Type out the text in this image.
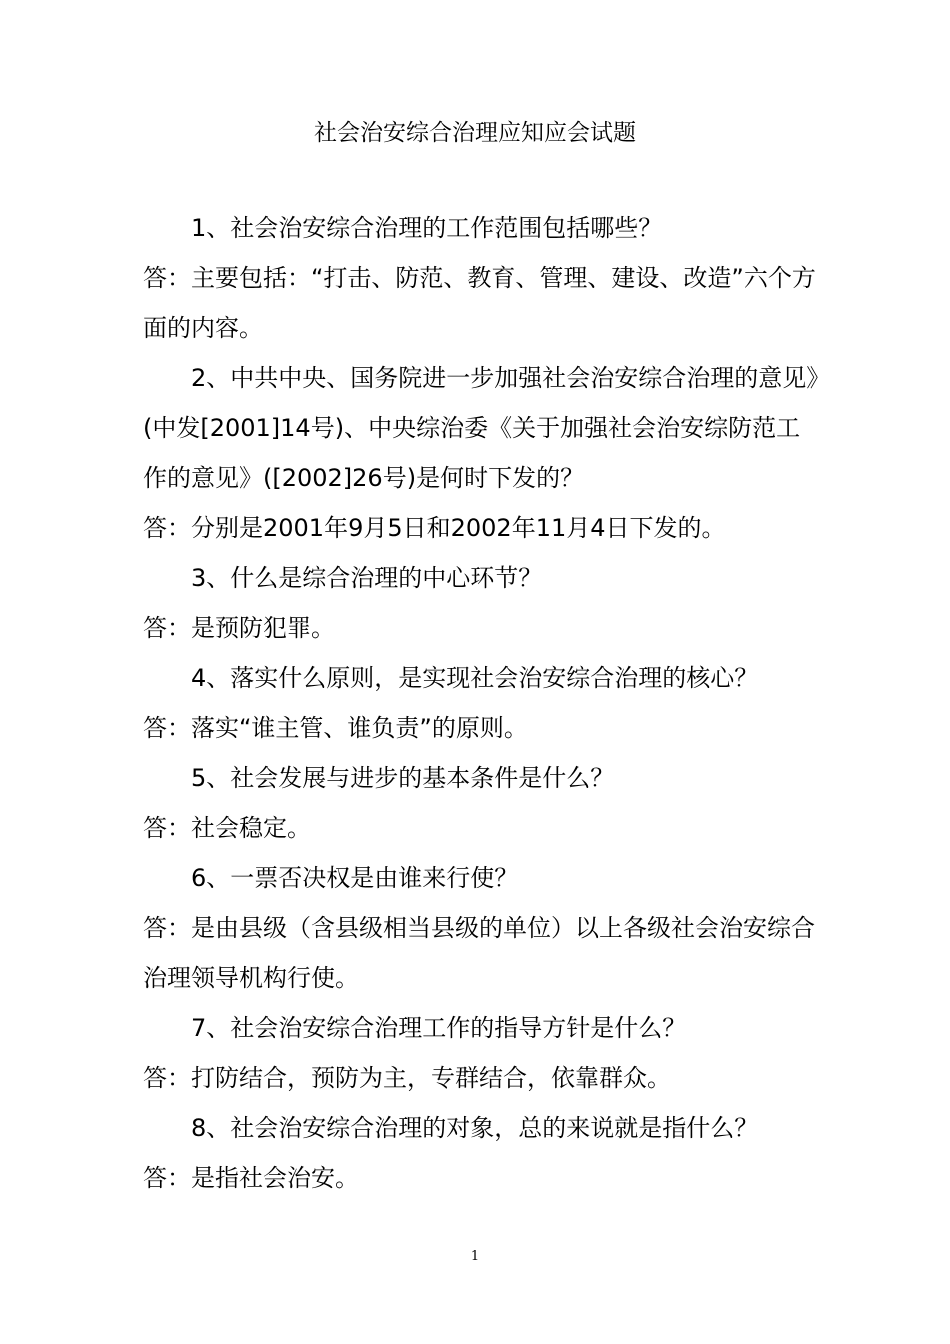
社会治安综合治理应知应会试题

1、社会治安综合治理的工作范围包括哪些？

答：主要包括：“打击、防范、教育、管理、建设、改造”六个方面的内容。

2、中共中央、国务院进一步加强社会治安综合治理的意见》(中发[2001]14号)、中央综治委《关于加强社会治安综防范工作的意见》([2002]26号)是何时下发的？

答：分别是2001年9月5日和2002年11月4日下发的。

3、什么是综合治理的中心环节？

答：是预防犯罪。

4、落实什么原则，是实现社会治安综合治理的核心？

答：落实“谁主管、谁负责”的原则。

5、社会发展与进步的基本条件是什么？

答：社会稳定。

6、一票否决权是由谁来行使？

答：是由县级（含县级相当县级的单位）以上各级社会治安综合治理领导机构行使。

7、社会治安综合治理工作的指导方针是什么？

答：打防结合，预防为主，专群结合，依靠群众。

8、社会治安综合治理的对象，总的来说就是指什么？

答：是指社会治安。

1
